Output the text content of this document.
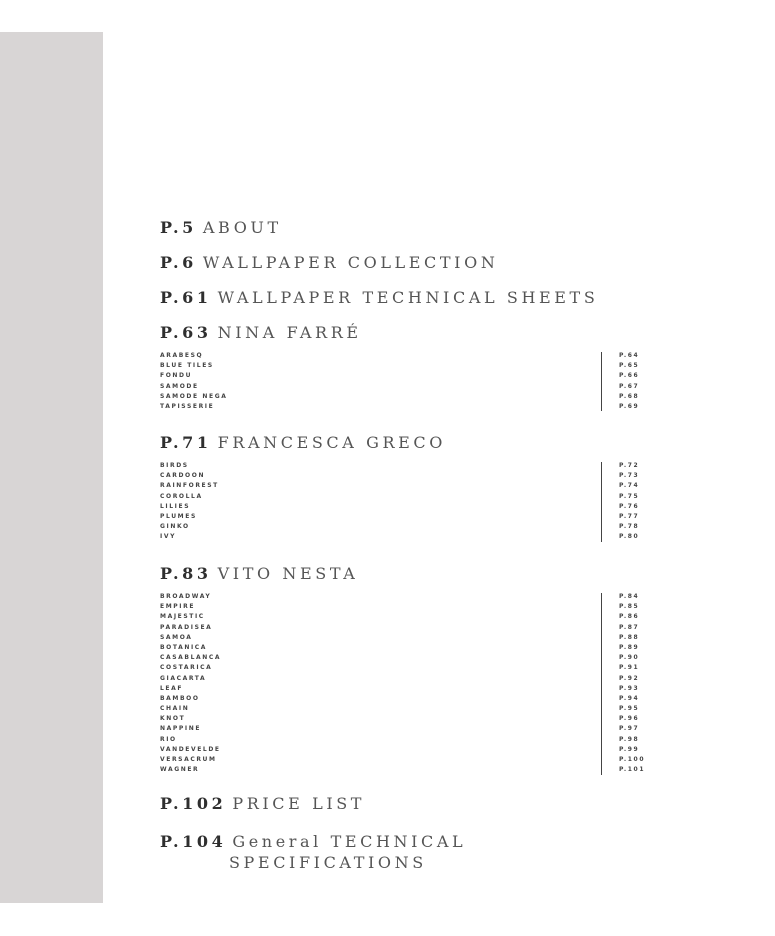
P.5 ABOUT
P.6 WALLPAPER COLLECTION
P.61 WALLPAPER TECHNICAL SHEETS
P.63 NINA FARRÉ
ARABESQ	P.64
BLUE TILES	P.65
FONDU	P.66
SAMODE	P.67
SAMODE NEGA	P.68
TAPISSERIE	P.69
P.71 FRANCESCA GRECO
BIRDS	P.72
CARDOON	P.73
RAINFOREST	P.74
COROLLA	P.75
LILIES	P.76
PLUMES	P.77
GINKO	P.78
IVY	P.80
P.83 VITO NESTA
BROADWAY	P.84
EMPIRE	P.85
MAJESTIC	P.86
PARADISEA	P.87
SAMOA	P.88
BOTANICA	P.89
CASABLANCA	P.90
COSTARICA	P.91
GIACARTA	P.92
LEAF	P.93
BAMBOO	P.94
CHAIN	P.95
KNOT	P.96
NAPPINE	P.97
RIO	P.98
VANDEVELDE	P.99
VERSACRUM	P.100
WAGNER	P.101
P.102 PRICE LIST
P.104 General TECHNICAL
SPECIFICATIONS
